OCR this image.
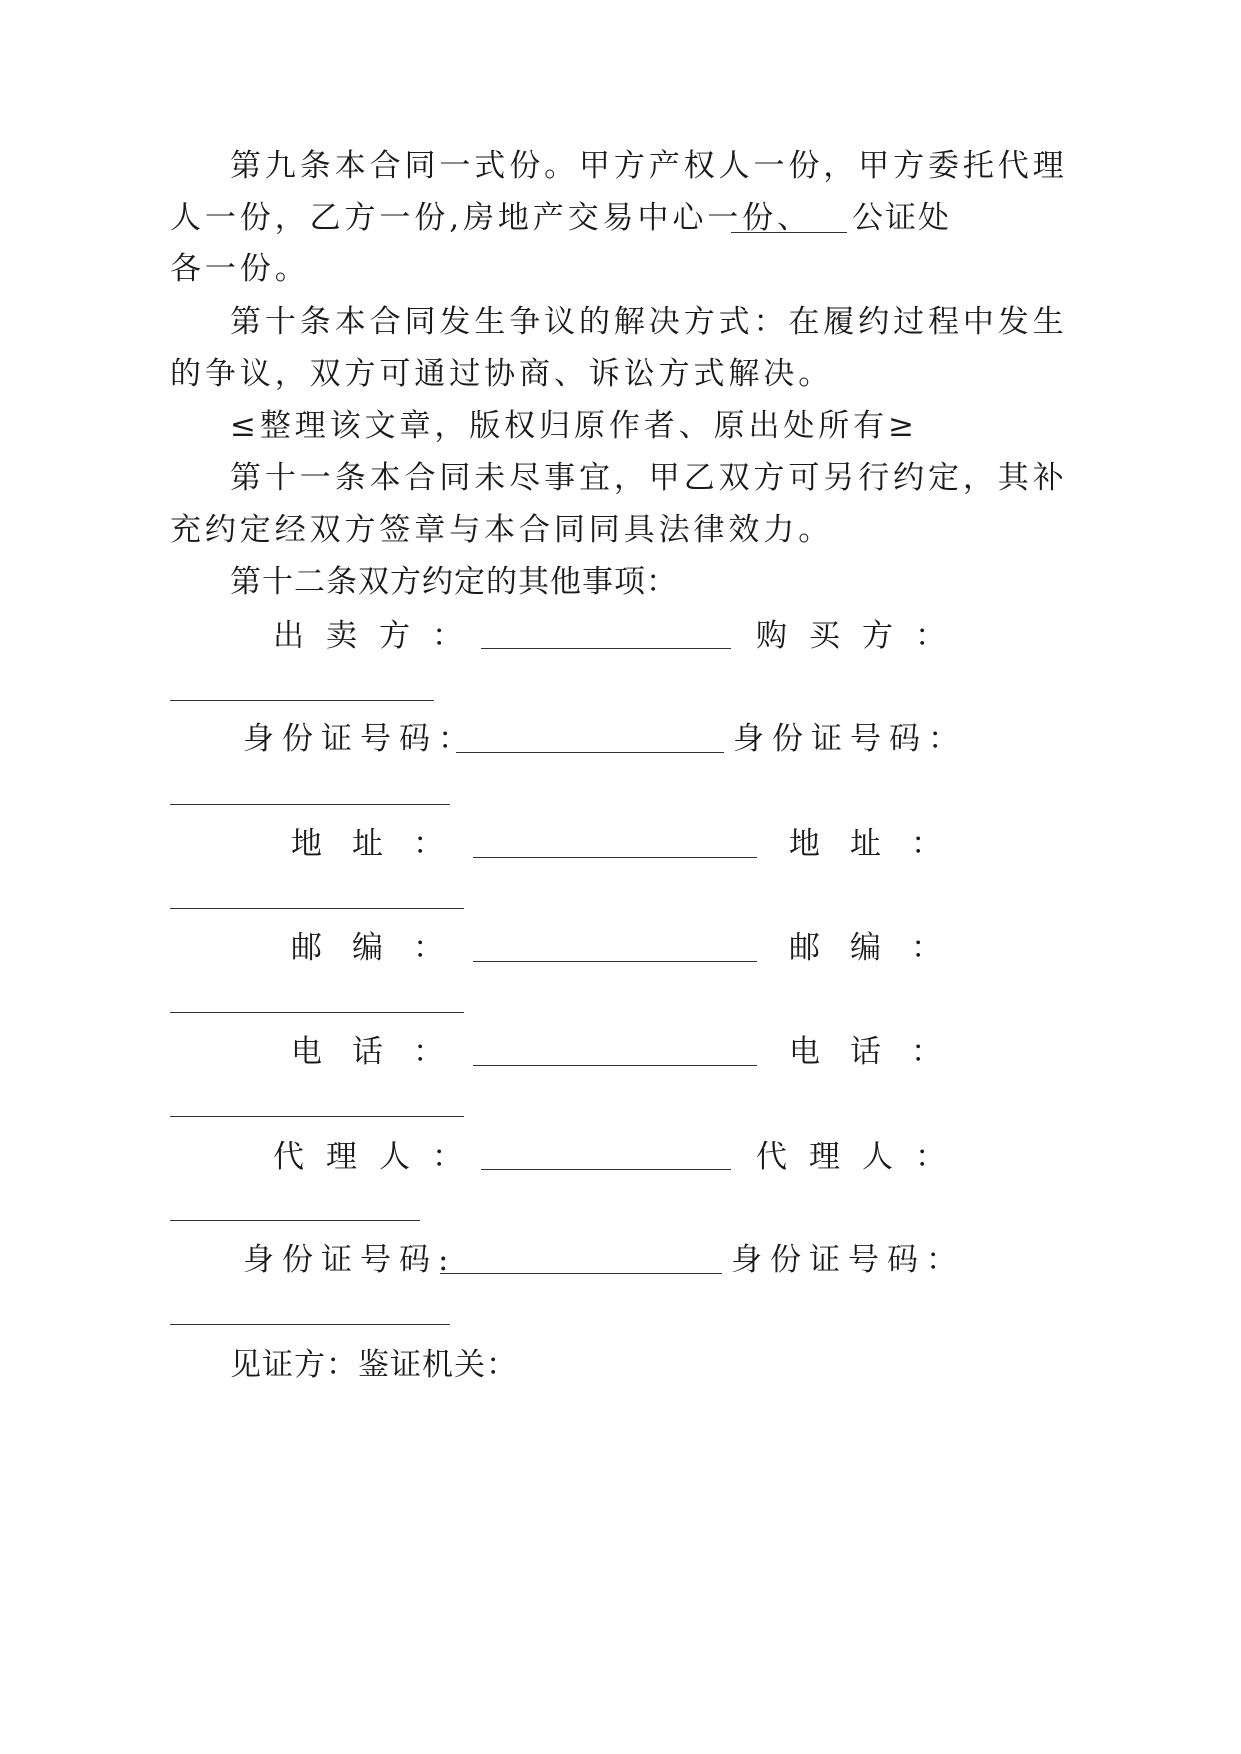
第九条本合同一式份。甲方产权人一份，甲方委托代理
人一份，乙方一份,房地产交易中心一份、 公证处
各一份。
第十条本合同发生争议的解决方式：在履约过程中发生
的争议，双方可通过协商、诉讼方式解决。
≤整理该文章，版权归原作者、原出处所有≥
第十一条本合同未尽事宜，甲乙双方可另行约定，其补
充约定经双方签章与本合同同具法律效力。
第十二条双方约定的其他事项：
出卖方：	购买方：
身份证号码：	身份证号码：
地址：	地址：
邮编：	邮编：
电话：	电话：
代理人：	代理人：
身份证号码:	身份证号码：
见证方：鉴证机关：
